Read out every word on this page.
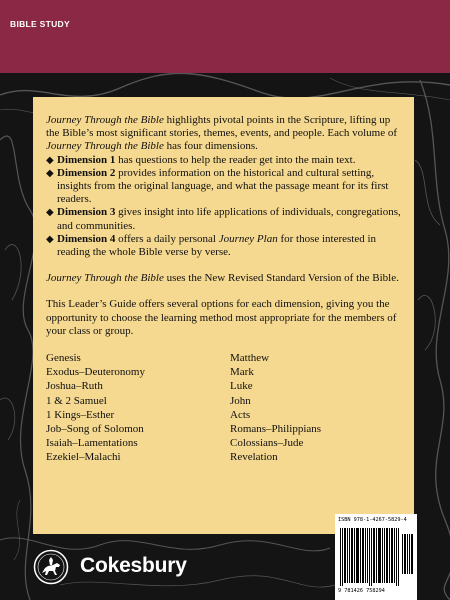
BIBLE STUDY

Journey Through the Bible highlights pivotal points in the Scripture, lifting up the Bible’s most significant stories, themes, events, and people. Each volume of Journey Through the Bible has four dimensions.

◆ Dimension 1 has questions to help the reader get into the main text.
◆ Dimension 2 provides information on the historical and cultural setting, insights from the original language, and what the passage meant for its first readers.
◆ Dimension 3 gives insight into life applications of individuals, congregations, and communities.
◆ Dimension 4 offers a daily personal Journey Plan for those interested in reading the whole Bible verse by verse.

Journey Through the Bible uses the New Revised Standard Version of the Bible.

This Leader’s Guide offers several options for each dimension, giving you the opportunity to choose the learning method most appropriate for the members of your class or group.

Genesis
Exodus–Deuteronomy
Joshua–Ruth
1 & 2 Samuel
1 Kings–Esther
Job–Song of Solomon
Isaiah–Lamentations
Ezekiel–Malachi
Matthew
Mark
Luke
John
Acts
Romans–Philippians
Colossians–Jude
Revelation
ISBN 978-1-4267-5829-4
9 781426 758294
Cokesbury
